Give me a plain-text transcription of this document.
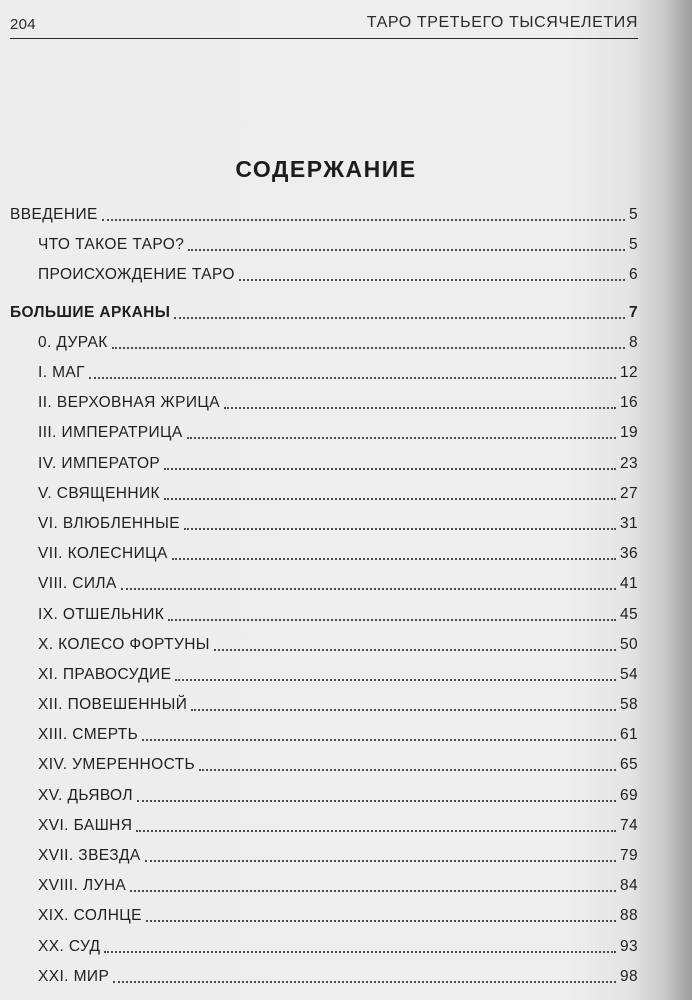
204	ТАРО ТРЕТЬЕГО ТЫСЯЧЕЛЕТИЯ
СОДЕРЖАНИЕ
ВВЕДЕНИЕ	5
ЧТО ТАКОЕ ТАРО?	5
ПРОИСХОЖДЕНИЕ ТАРО	6
БОЛЬШИЕ АРКАНЫ	7
0. ДУРАК	8
I. МАГ	12
II. ВЕРХОВНАЯ ЖРИЦА	16
III. ИМПЕРАТРИЦА	19
IV. ИМПЕРАТОР	23
V. СВЯЩЕННИК	27
VI. ВЛЮБЛЕННЫЕ	31
VII. КОЛЕСНИЦА	36
VIII. СИЛА	41
IX. ОТШЕЛЬНИК	45
X. КОЛЕСО ФОРТУНЫ	50
XI. ПРАВОСУДИЕ	54
XII. ПОВЕШЕННЫЙ	58
XIII. СМЕРТЬ	61
XIV. УМЕРЕННОСТЬ	65
XV. ДЬЯВОЛ	69
XVI. БАШНЯ	74
XVII. ЗВЕЗДА	79
XVIII. ЛУНА	84
XIX. СОЛНЦЕ	88
XX. СУД	93
XXI. МИР	98
